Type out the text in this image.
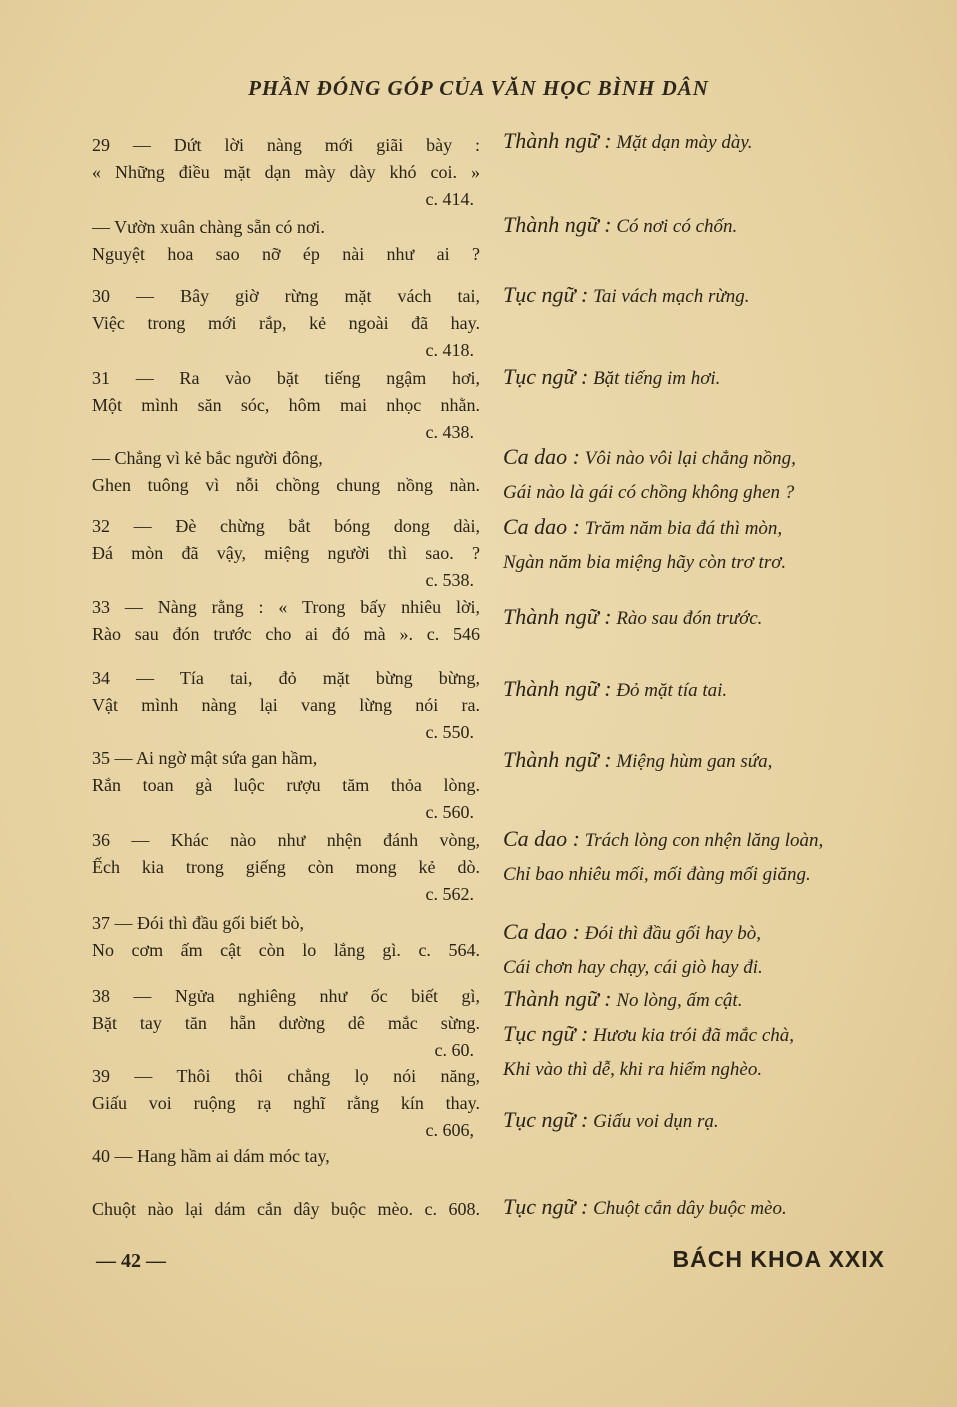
PHẦN ĐÓNG GÓP CỦA VĂN HỌC BÌNH DÂN
29 — Dứt lời nàng mới giãi bày :
« Những điều mặt dạn mày dày khó coi. »
c. 414.
— Vườn xuân chàng sẵn có nơi.
Nguyệt hoa sao nỡ ép nài như ai ?
30 — Bây giờ rừng mặt vách tai,
Việc trong mới rắp, kẻ ngoài đã hay.
c. 418.
31 — Ra vào bặt tiếng ngậm hơi,
Một mình săn sóc, hôm mai nhọc nhằn.
c. 438.
— Chẳng vì kẻ bắc người đông,
Ghen tuông vì nỗi chồng chung nồng nàn.
32 — Đè chừng bắt bóng dong dài,
Đá mòn đã vậy, miệng người thì sao. ?
c. 538.
33 — Nàng rằng : « Trong bấy nhiêu lời,
Rào sau đón trước cho ai đó mà ». c. 546
34 — Tía tai, đỏ mặt bừng bừng,
Vật mình nàng lại vang lừng nói ra.
c. 550.
35 — Ai ngờ mật sứa gan hầm,
Rắn toan gà luộc rượu tăm thỏa lòng.
c. 560.
36 — Khác nào như nhện đánh vòng,
Ếch kia trong giếng còn mong kẻ dò.
c. 562.
37 — Đói thì đầu gối biết bò,
No cơm ấm cật còn lo lắng gì. c. 564.
38 — Ngửa nghiêng như ốc biết gì,
Bặt tay tăn hẵn dường dê mắc sừng.
c. 60.
39 — Thôi thôi chẳng lọ nói năng,
Giấu voi ruộng rạ nghĩ rằng kín thay.
c. 606,
40 — Hang hầm ai dám móc tay,
Chuột nào lại dám cắn dây buộc mèo. c. 608.
Thành ngữ : Mặt dạn mày dày.
Thành ngữ : Có nơi có chốn.
Tục ngữ : Tai vách mạch rừng.
Tục ngữ : Bặt tiếng im hơi.
Ca dao : Vôi nào vôi lại chẳng nồng,
Gái nào là gái có chồng không ghen ?
Ca dao : Trăm năm bia đá thì mòn,
Ngàn năm bia miệng hãy còn trơ trơ.
Thành ngữ : Rào sau đón trước.
Thành ngữ : Đỏ mặt tía tai.
Thành ngữ : Miệng hùm gan sứa,
Ca dao : Trách lòng con nhện lăng loàn,
Chỉ bao nhiêu mối, mối đàng mối giăng.
Ca dao : Đói thì đầu gối hay bò,
Cái chơn hay chạy, cái giò hay đi.
Thành ngữ : No lòng, ấm cật.
Tục ngữ : Hươu kia trói đã mắc chà,
Khi vào thì dễ, khi ra hiểm nghèo.
Tục ngữ : Giấu voi dụn rạ.
Tục ngữ : Chuột cắn dây buộc mèo.
— 42 —	BÁCH KHOA XXIX
